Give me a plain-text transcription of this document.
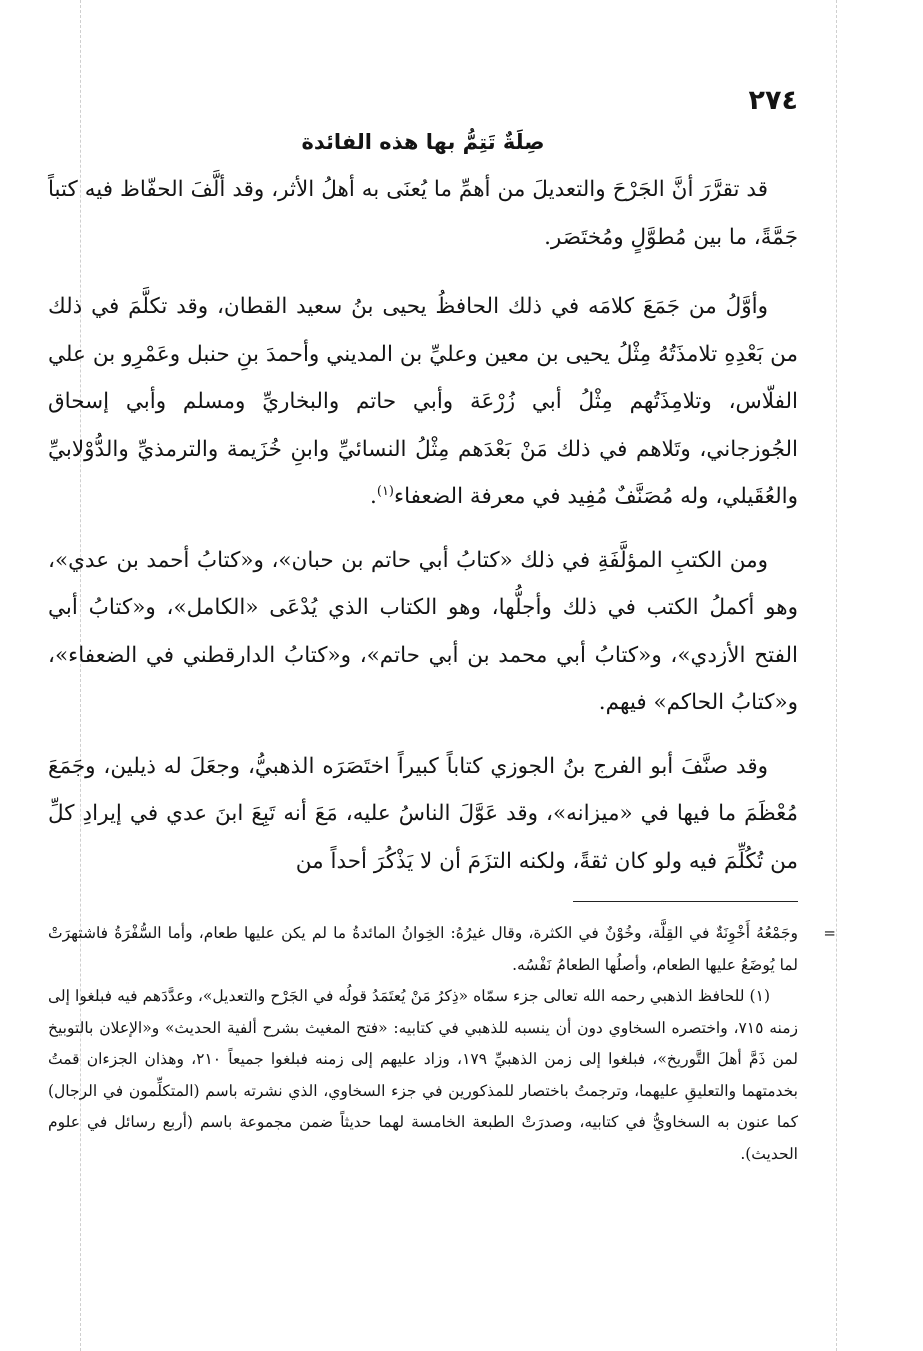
٢٧٤
صِلَةٌ تَتِمُّ بها هذه الفائدة

قد تقرَّرَ أنَّ الجَرْحَ والتعديلَ من أهمِّ ما يُعنَى به أهلُ الأثر، وقد ألَّفَ الحفّاظ فيه كتباً جَمَّةً، ما بين مُطوَّلٍ ومُختَصَر.

وأوَّلُ من جَمَعَ كلامَه في ذلك الحافظُ يحيى بنُ سعيد القطان، وقد تكلَّمَ في ذلك من بَعْدِهِ تلامذَتُهُ مِثْلُ يحيى بن معين وعليِّ بن المديني وأحمدَ بنِ حنبل وعَمْرِو بن علي الفلّاس، وتلامِذَتُهم مِثْلُ أبي زُرْعَة وأبي حاتم والبخاريِّ ومسلم وأبي إسحاق الجُوزجاني، وتَلاهم في ذلك مَنْ بَعْدَهم مِثْلُ النسائيِّ وابنِ خُزَيمة والترمذيِّ والدُّوْلابيِّ والعُقَيلي، وله مُصَنَّفٌ مُفِيد في معرفة الضعفاء$^{(١)}$.

ومن الكتبِ المؤلَّفَةِ في ذلك «كتابُ أبي حاتم بن حبان»، و«كتابُ أحمد بن عدي»، وهو أكملُ الكتب في ذلك وأجلُّها، وهو الكتاب الذي يُدْعَى «الكامل»، و«كتابُ أبي الفتح الأزدي»، و«كتابُ أبي محمد بن أبي حاتم»، و«كتابُ الدارقطني في الضعفاء»، و«كتابُ الحاكم» فيهم.

وقد صنَّفَ أبو الفرج بنُ الجوزي كتاباً كبيراً اختَصَرَه الذهبيُّ، وجعَلَ له ذيلين، وجَمَعَ مُعْظَمَ ما فيها في «ميزانه»، وقد عَوَّلَ الناسُ عليه، مَعَ أنه تَبِعَ ابنَ عدي في إيرادِ كلِّ من تُكُلِّمَ فيه ولو كان ثقةً، ولكنه التزَمَ أن لا يَذْكُرَ أحداً من

=

وجَمْعُهُ أَخْوِنَةٌ في القِلَّة، وخُوْنٌ في الكثرة، وقال غيرُهُ: الخِوانُ المائدةُ ما لم يكن عليها طعام، وأما السُّفْرَةُ فاشتهرَتْ لما يُوضَعُ عليها الطعام، وأصلُها الطعامُ نَفْسُه.

(١) للحافظ الذهبي رحمه الله تعالى جزء سمّاه «ذِكرُ مَنْ يُعتَمَدُ قولُه في الجَرْح والتعديل»، وعدَّدَهم فيه فبلغوا إلى زمنه ٧١٥، واختصره السخاوي دون أن ينسبه للذهبي في كتابيه: «فتح المغيث بشرح ألفية الحديث» و«الإعلان بالتوبيخ لمن ذَمَّ أهلَ التَّوريخ»، فبلغوا إلى زمن الذهبيِّ ١٧٩، وزاد عليهم إلى زمنه فبلغوا جميعاً ٢١٠، وهذان الجزءان قمتُ بخدمتهما والتعليقِ عليهما، وترجمتُ باختصار للمذكورين في جزء السخاوي، الذي نشرته باسم (المتكلِّمون في الرجال) كما عنون به السخاويُّ في كتابيه، وصدرَتْ الطبعة الخامسة لهما حديثاً ضمن مجموعة باسم (أربع رسائل في علوم الحديث).
